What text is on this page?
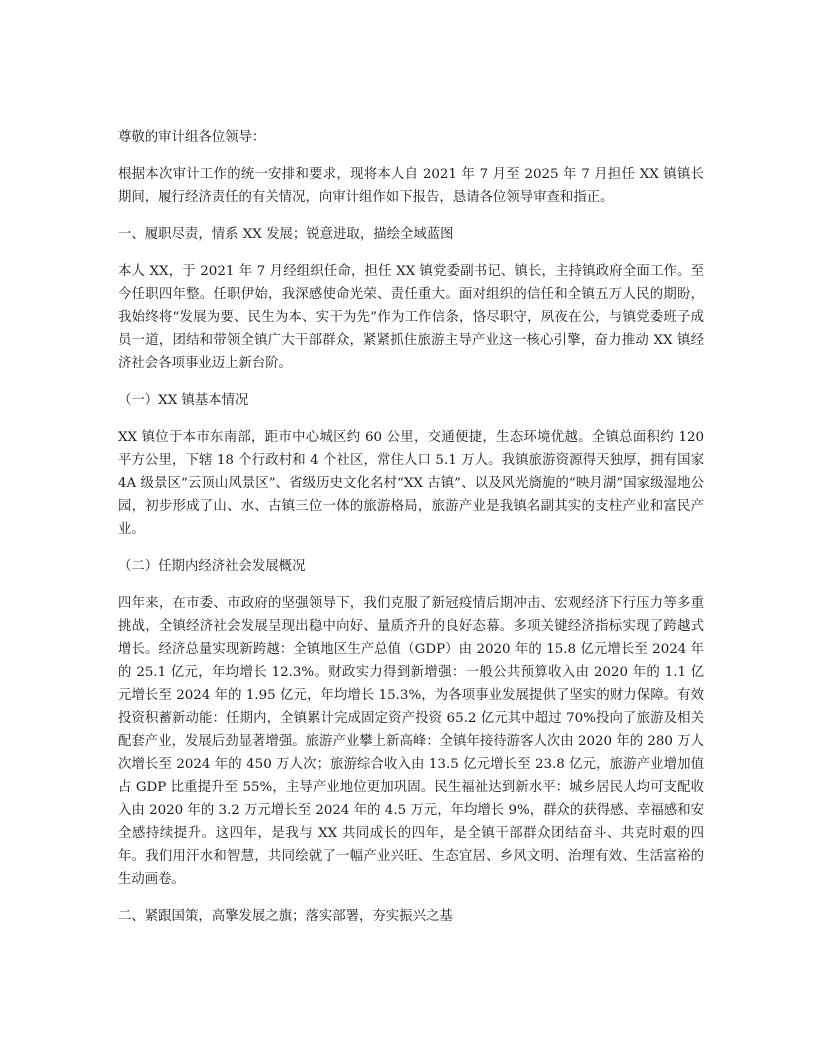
尊敬的审计组各位领导：

根据本次审计工作的统一安排和要求，现将本人自 2021 年 7 月至 2025 年 7 月担任 XX 镇镇长期间，履行经济责任的有关情况，向审计组作如下报告，恳请各位领导审查和指正。

一、履职尽责，情系 XX 发展；锐意进取，描绘全域蓝图

本人 XX，于 2021 年 7 月经组织任命，担任 XX 镇党委副书记、镇长，主持镇政府全面工作。至今任职四年整。任职伊始，我深感使命光荣、责任重大。面对组织的信任和全镇五万人民的期盼，我始终将“发展为要、民生为本、实干为先”作为工作信条，恪尽职守，夙夜在公，与镇党委班子成员一道，团结和带领全镇广大干部群众，紧紧抓住旅游主导产业这一核心引擎，奋力推动 XX 镇经济社会各项事业迈上新台阶。

（一）XX 镇基本情况

XX 镇位于本市东南部，距市中心城区约 60 公里，交通便捷，生态环境优越。全镇总面积约 120 平方公里，下辖 18 个行政村和 4 个社区，常住人口 5.1 万人。我镇旅游资源得天独厚，拥有国家 4A 级景区“云顶山风景区”、省级历史文化名村“XX 古镇”、以及风光旖旎的“映月湖”国家级湿地公园，初步形成了山、水、古镇三位一体的旅游格局，旅游产业是我镇名副其实的支柱产业和富民产业。

（二）任期内经济社会发展概况

四年来，在市委、市政府的坚强领导下，我们克服了新冠疫情后期冲击、宏观经济下行压力等多重挑战，全镇经济社会发展呈现出稳中向好、量质齐升的良好态幕。多项关键经济指标实现了跨越式增长。经济总量实现新跨越：全镇地区生产总值（GDP）由 2020 年的 15.8 亿元增长至 2024 年的 25.1 亿元，年均增长 12.3%。财政实力得到新增强：一般公共预算收入由 2020 年的 1.1 亿元增长至 2024 年的 1.95 亿元，年均增长 15.3%，为各项事业发展提供了坚实的财力保障。有效投资积蓄新动能：任期内，全镇累计完成固定资产投资 65.2 亿元其中超过 70%投向了旅游及相关配套产业，发展后劲显著增强。旅游产业攀上新高峰：全镇年接待游客人次由 2020 年的 280 万人次增长至 2024 年的 450 万人次；旅游综合收入由 13.5 亿元增长至 23.8 亿元，旅游产业增加值占 GDP 比重提升至 55%，主导产业地位更加巩固。民生福祉达到新水平：城乡居民人均可支配收入由 2020 年的 3.2 万元增长至 2024 年的 4.5 万元，年均增长 9%，群众的获得感、幸福感和安全感持续提升。这四年，是我与 XX 共同成长的四年，是全镇干部群众团结奋斗、共克时艰的四年。我们用汗水和智慧，共同绘就了一幅产业兴旺、生态宜居、乡风文明、治理有效、生活富裕的生动画卷。

二、紧跟国策，高擎发展之旗；落实部署，夯实振兴之基
